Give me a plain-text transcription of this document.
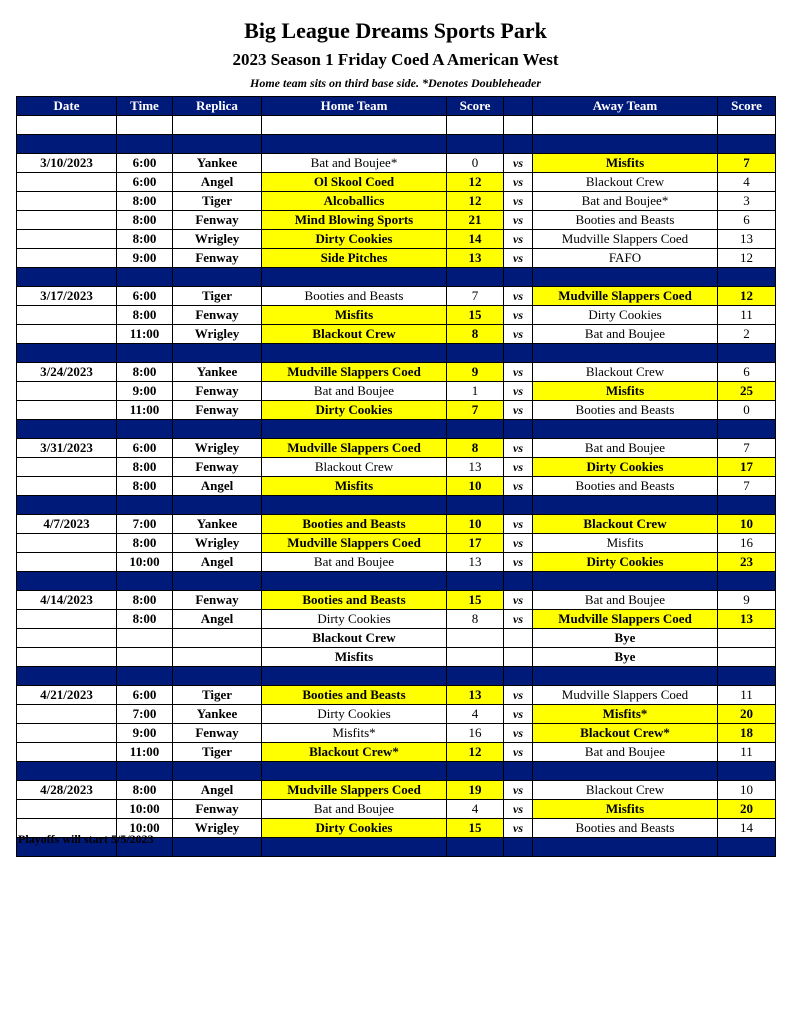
Big League Dreams Sports Park
2023 Season 1 Friday Coed A American West
Home team sits on third base side. *Denotes Doubleheader
Date	Time	Replica	Home Team	Score		Away Team	Score

3/10/2023	6:00	Yankee	Bat and Boujee*	0	vs	Misfits	7
	6:00	Angel	Ol Skool Coed	12	vs	Blackout Crew	4
	8:00	Tiger	Alcoballics	12	vs	Bat and Boujee*	3
	8:00	Fenway	Mind Blowing Sports	21	vs	Booties and Beasts	6
	8:00	Wrigley	Dirty Cookies	14	vs	Mudville Slappers Coed	13
	9:00	Fenway	Side Pitches	13	vs	FAFO	12

3/17/2023	6:00	Tiger	Booties and Beasts	7	vs	Mudville Slappers Coed	12
	8:00	Fenway	Misfits	15	vs	Dirty Cookies	11
	11:00	Wrigley	Blackout Crew	8	vs	Bat and Boujee	2

3/24/2023	8:00	Yankee	Mudville Slappers Coed	9	vs	Blackout Crew	6
	9:00	Fenway	Bat and Boujee	1	vs	Misfits	25
	11:00	Fenway	Dirty Cookies	7	vs	Booties and Beasts	0

3/31/2023	6:00	Wrigley	Mudville Slappers Coed	8	vs	Bat and Boujee	7
	8:00	Fenway	Blackout Crew	13	vs	Dirty Cookies	17
	8:00	Angel	Misfits	10	vs	Booties and Beasts	7

4/7/2023	7:00	Yankee	Booties and Beasts	10	vs	Blackout Crew	10
	8:00	Wrigley	Mudville Slappers Coed	17	vs	Misfits	16
	10:00	Angel	Bat and Boujee	13	vs	Dirty Cookies	23

4/14/2023	8:00	Fenway	Booties and Beasts	15	vs	Bat and Boujee	9
	8:00	Angel	Dirty Cookies	8	vs	Mudville Slappers Coed	13
			Blackout Crew			Bye	
			Misfits			Bye	

4/21/2023	6:00	Tiger	Booties and Beasts	13	vs	Mudville Slappers Coed	11
	7:00	Yankee	Dirty Cookies	4	vs	Misfits*	20
	9:00	Fenway	Misfits*	16	vs	Blackout Crew*	18
	11:00	Tiger	Blackout Crew*	12	vs	Bat and Boujee	11

4/28/2023	8:00	Angel	Mudville Slappers Coed	19	vs	Blackout Crew	10
	10:00	Fenway	Bat and Boujee	4	vs	Misfits	20
	10:00	Wrigley	Dirty Cookies	15	vs	Booties and Beasts	14

Playoffs will start 5/5/2023
